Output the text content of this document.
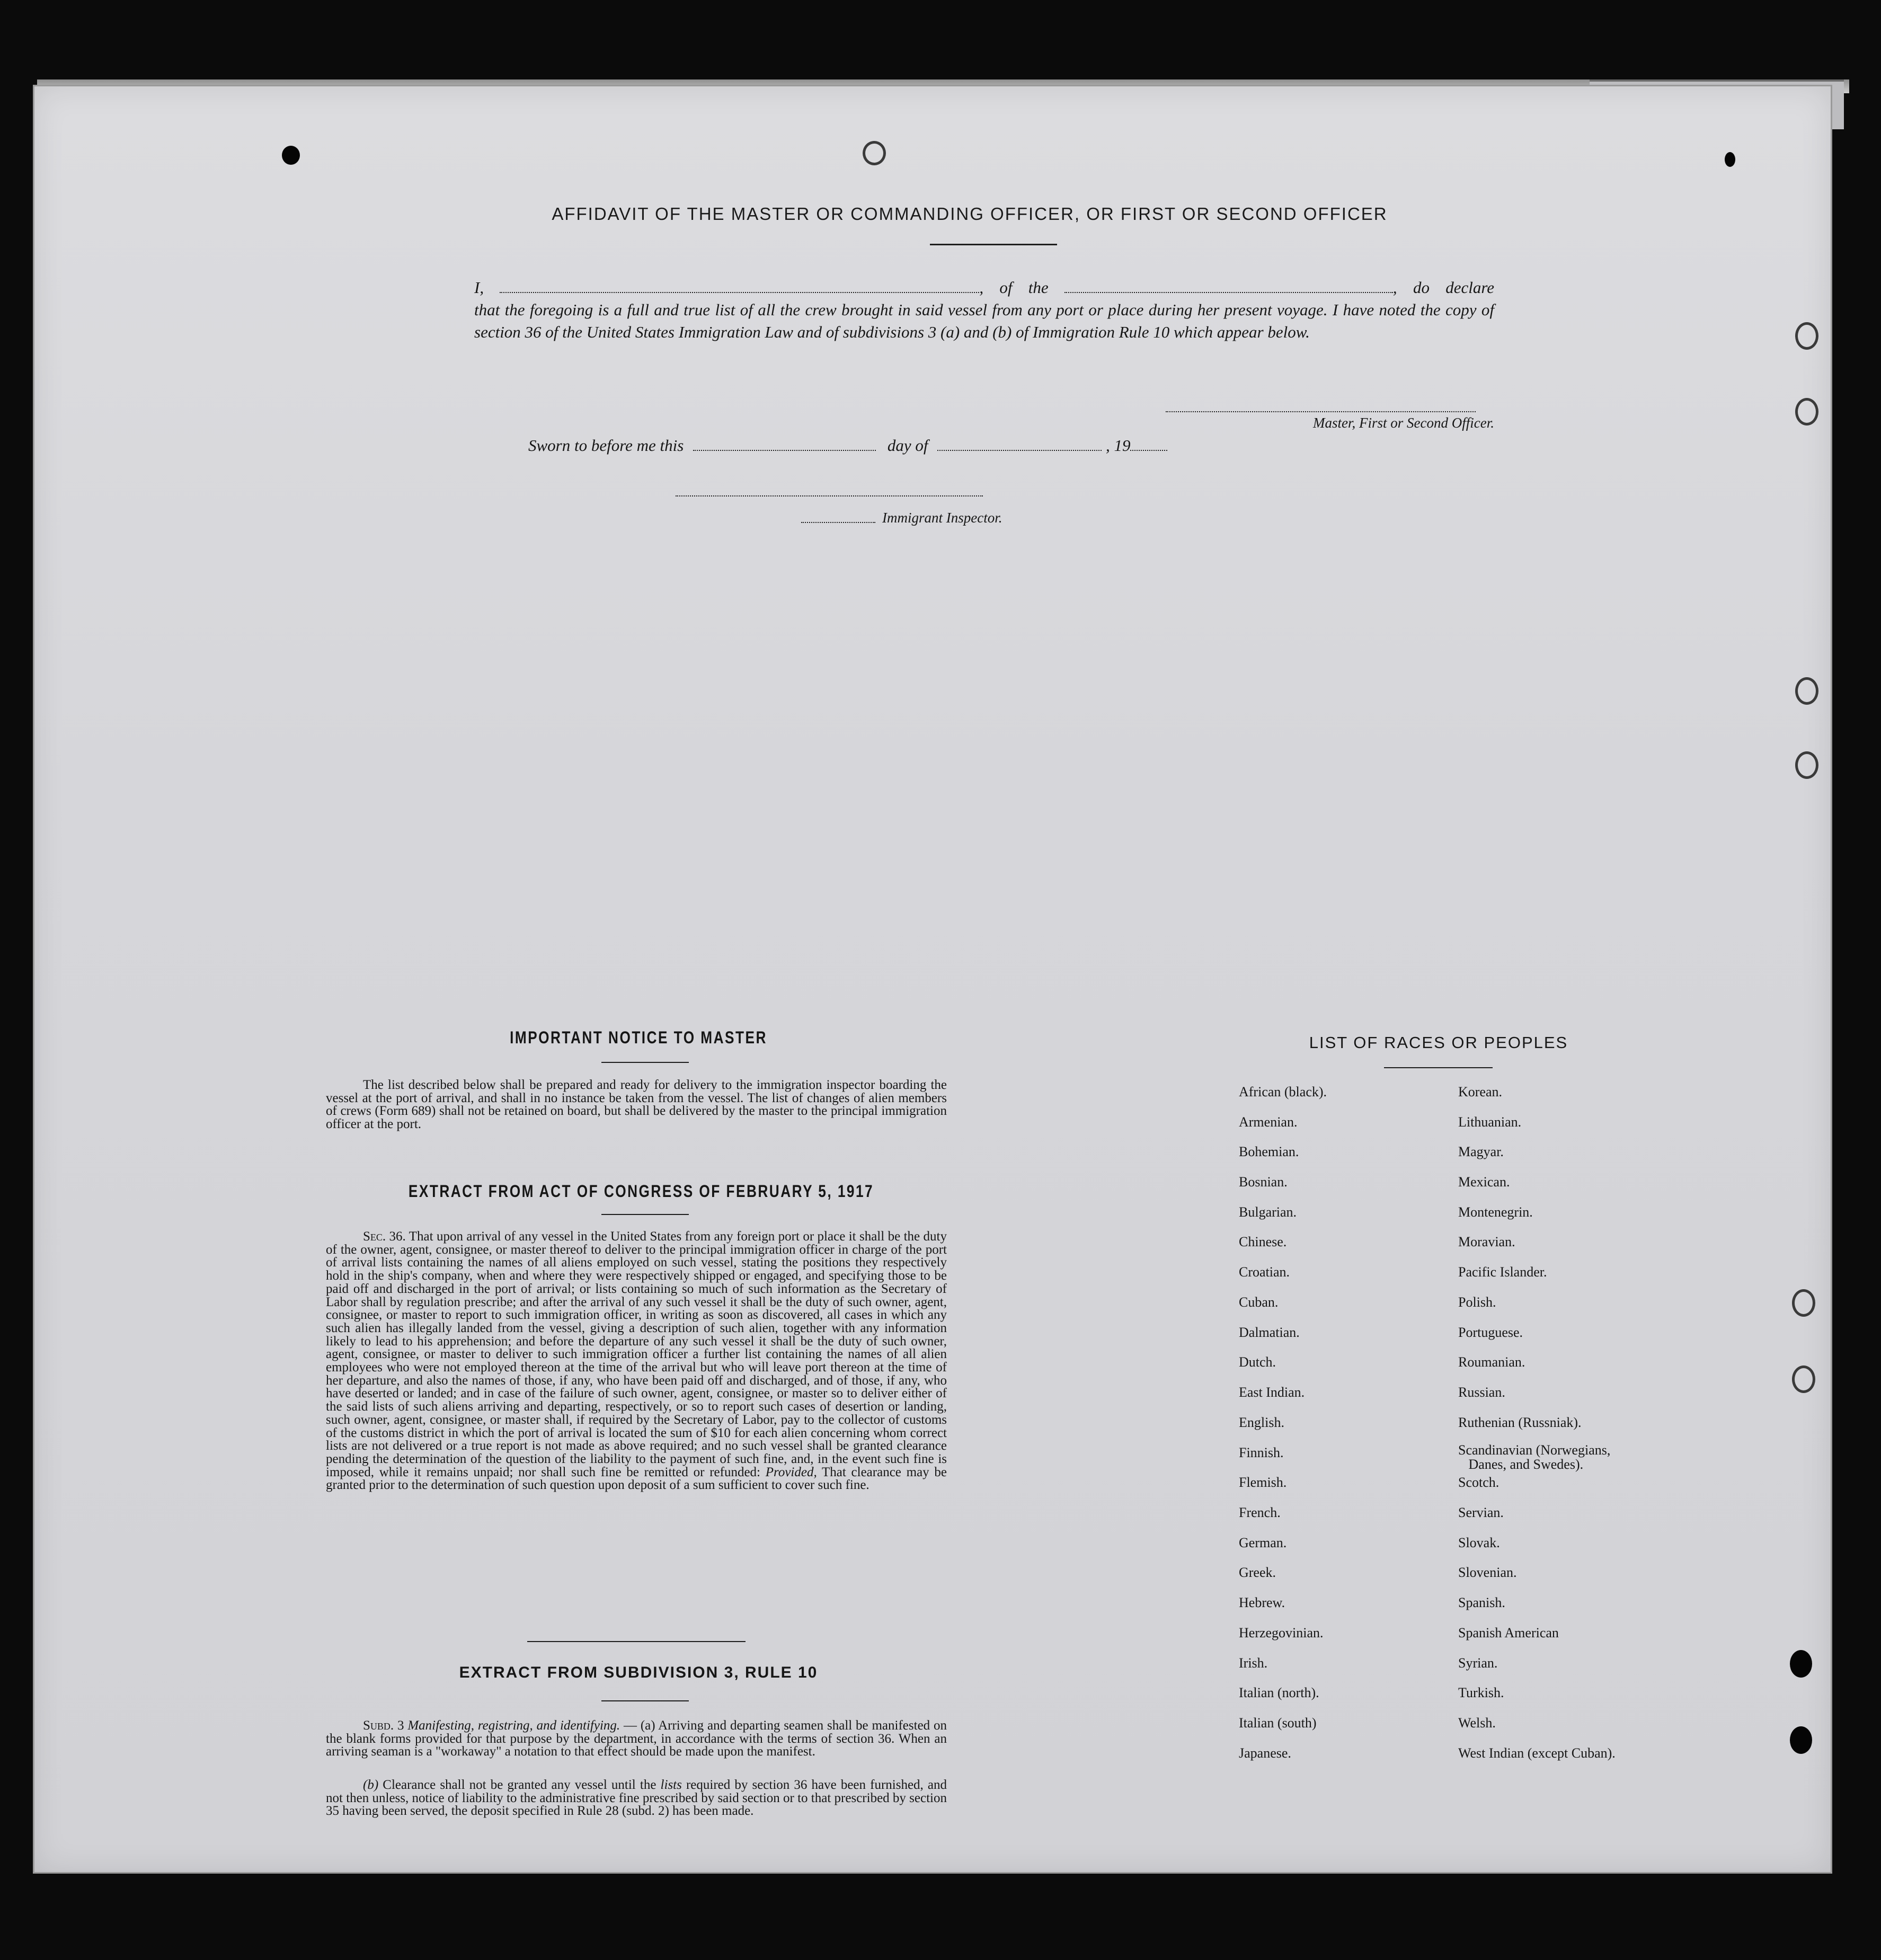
AFFIDAVIT OF THE MASTER OR COMMANDING OFFICER, OR FIRST OR SECOND OFFICER
I,	, of the	, do declare
that the foregoing is a full and true list of all the crew brought in said vessel from any port or place during her present voyage. I have noted the copy of section 36 of the United States Immigration Law and of subdivisions 3 (a) and (b) of Immigration Rule 10 which appear below.
Master, First or Second Officer.
Sworn to before me this	day of	, 19
Immigrant Inspector.
IMPORTANT NOTICE TO MASTER
The list described below shall be prepared and ready for delivery to the immigration inspector boarding the vessel at the port of arrival, and shall in no instance be taken from the vessel. The list of changes of alien members of crews (Form 689) shall not be retained on board, but shall be delivered by the master to the principal immigration officer at the port.
EXTRACT FROM ACT OF CONGRESS OF FEBRUARY 5, 1917
Sec. 36. That upon arrival of any vessel in the United States from any foreign port or place it shall be the duty of the owner, agent, consignee, or master thereof to deliver to the principal immigration officer in charge of the port of arrival lists containing the names of all aliens employed on such vessel, stating the positions they respectively hold in the ship's company, when and where they were respectively shipped or engaged, and specifying those to be paid off and discharged in the port of arrival; or lists containing so much of such information as the Secretary of Labor shall by regulation prescribe; and after the arrival of any such vessel it shall be the duty of such owner, agent, consignee, or master to report to such immigration officer, in writing as soon as discovered, all cases in which any such alien has illegally landed from the vessel, giving a description of such alien, together with any information likely to lead to his apprehension; and before the departure of any such vessel it shall be the duty of such owner, agent, consignee, or master to deliver to such immigration officer a further list containing the names of all alien employees who were not employed thereon at the time of the arrival but who will leave port thereon at the time of her departure, and also the names of those, if any, who have been paid off and discharged, and of those, if any, who have deserted or landed; and in case of the failure of such owner, agent, consignee, or master so to deliver either of the said lists of such aliens arriving and departing, respectively, or so to report such cases of desertion or landing, such owner, agent, consignee, or master shall, if required by the Secretary of Labor, pay to the collector of customs of the customs district in which the port of arrival is located the sum of $10 for each alien concerning whom correct lists are not delivered or a true report is not made as above required; and no such vessel shall be granted clearance pending the determination of the question of the liability to the payment of such fine, and, in the event such fine is imposed, while it remains unpaid; nor shall such fine be remitted or refunded: Provided, That clearance may be granted prior to the determination of such question upon deposit of a sum sufficient to cover such fine.
EXTRACT FROM SUBDIVISION 3, RULE 10
Subd. 3 Manifesting, registring, and identifying. — (a) Arriving and departing seamen shall be manifested on the blank forms provided for that purpose by the department, in accordance with the terms of section 36. When an arriving seaman is a "workaway" a notation to that effect should be made upon the manifest.
(b) Clearance shall not be granted any vessel until the lists required by section 36 have been furnished, and not then unless, notice of liability to the administrative fine prescribed by said section or to that prescribed by section 35 having been served, the deposit specified in Rule 28 (subd. 2) has been made.
LIST OF RACES OR PEOPLES
African (black).
Armenian.
Bohemian.
Bosnian.
Bulgarian.
Chinese.
Croatian.
Cuban.
Dalmatian.
Dutch.
East Indian.
English.
Finnish.
Flemish.
French.
German.
Greek.
Hebrew.
Herzegovinian.
Irish.
Italian (north).
Italian (south)
Japanese.
Korean.
Lithuanian.
Magyar.
Mexican.
Montenegrin.
Moravian.
Pacific Islander.
Polish.
Portuguese.
Roumanian.
Russian.
Ruthenian (Russniak).
Scandinavian (Norwegians,
Danes, and Swedes).
Scotch.
Servian.
Slovak.
Slovenian.
Spanish.
Spanish American
Syrian.
Turkish.
Welsh.
West Indian (except Cuban).
